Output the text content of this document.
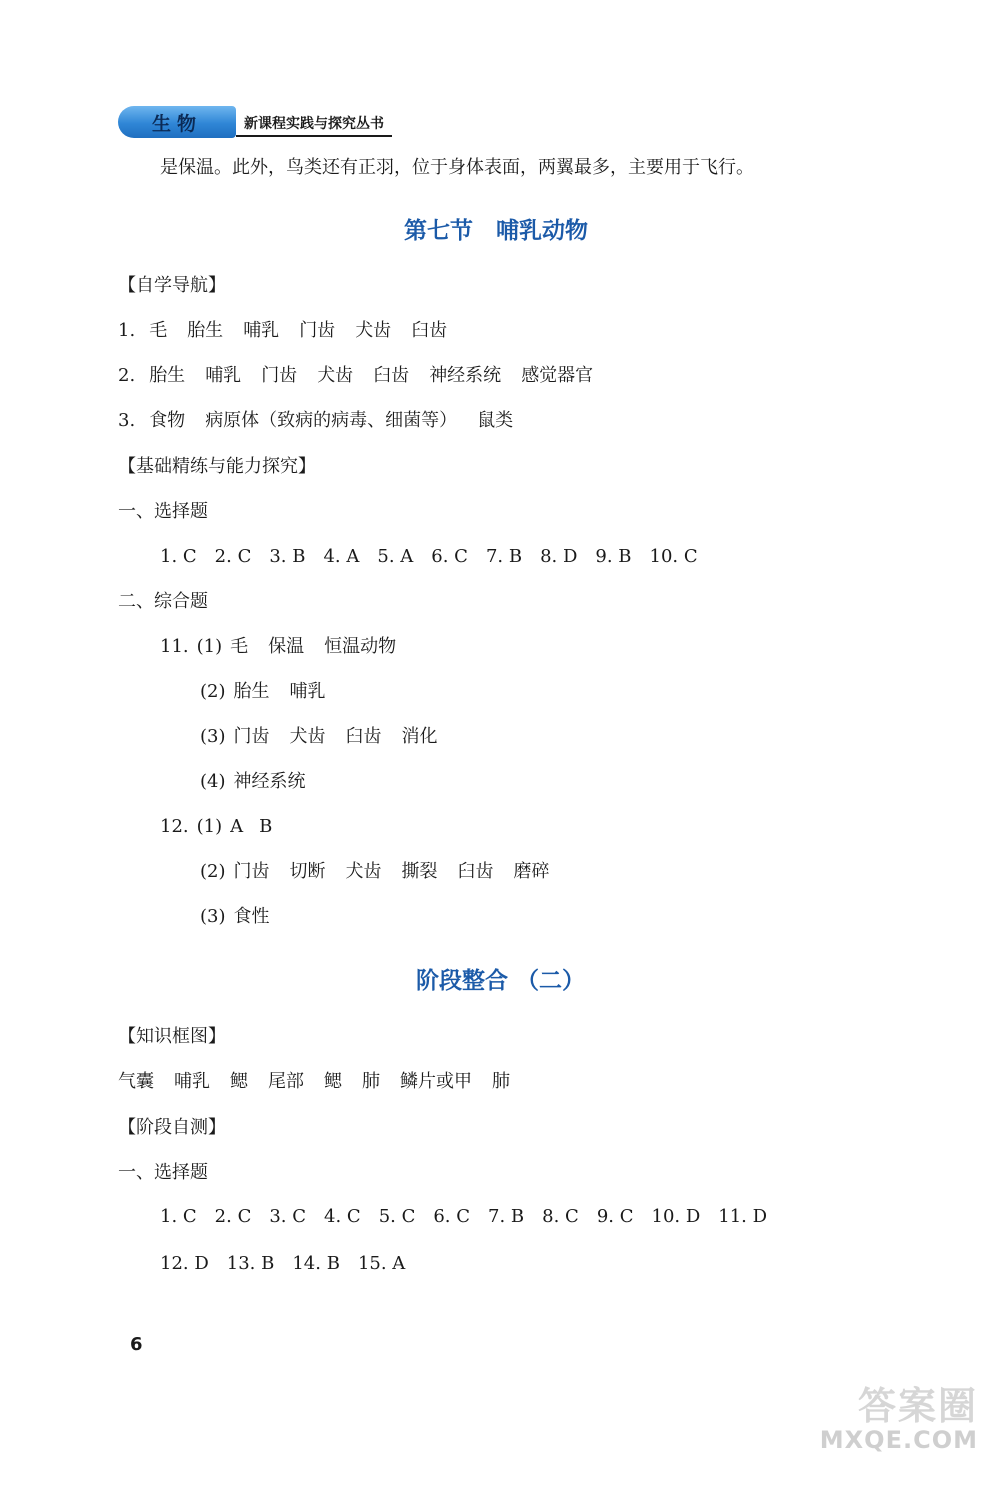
生物	新课程实践与探究丛书
是保温。此外，鸟类还有正羽，位于身体表面，两翼最多，主要用于飞行。
第七节　哺乳动物
【自学导航】
1. 毛 胎生 哺乳 门齿 犬齿 臼齿
2. 胎生 哺乳 门齿 犬齿 臼齿 神经系统 感觉器官
3. 食物 病原体（致病的病毒、细菌等） 鼠类
【基础精练与能力探究】
一、选择题
1. C 2. C 3. B 4. A 5. A 6. C 7. B 8. D 9. B 10. C
二、综合题
11. (1) 毛 保温 恒温动物
(2) 胎生 哺乳
(3) 门齿 犬齿 臼齿 消化
(4) 神经系统
12. (1) A B
(2) 门齿 切断 犬齿 撕裂 臼齿 磨碎
(3) 食性
阶段整合 （二）
【知识框图】
气囊 哺乳 鳃 尾部 鳃 肺 鳞片或甲 肺
【阶段自测】
一、选择题
1. C 2. C 3. C 4. C 5. C 6. C 7. B 8. C 9. C 10. D 11. D
12. D 13. B 14. B 15. A
6
答案圈
MXQE.COM
